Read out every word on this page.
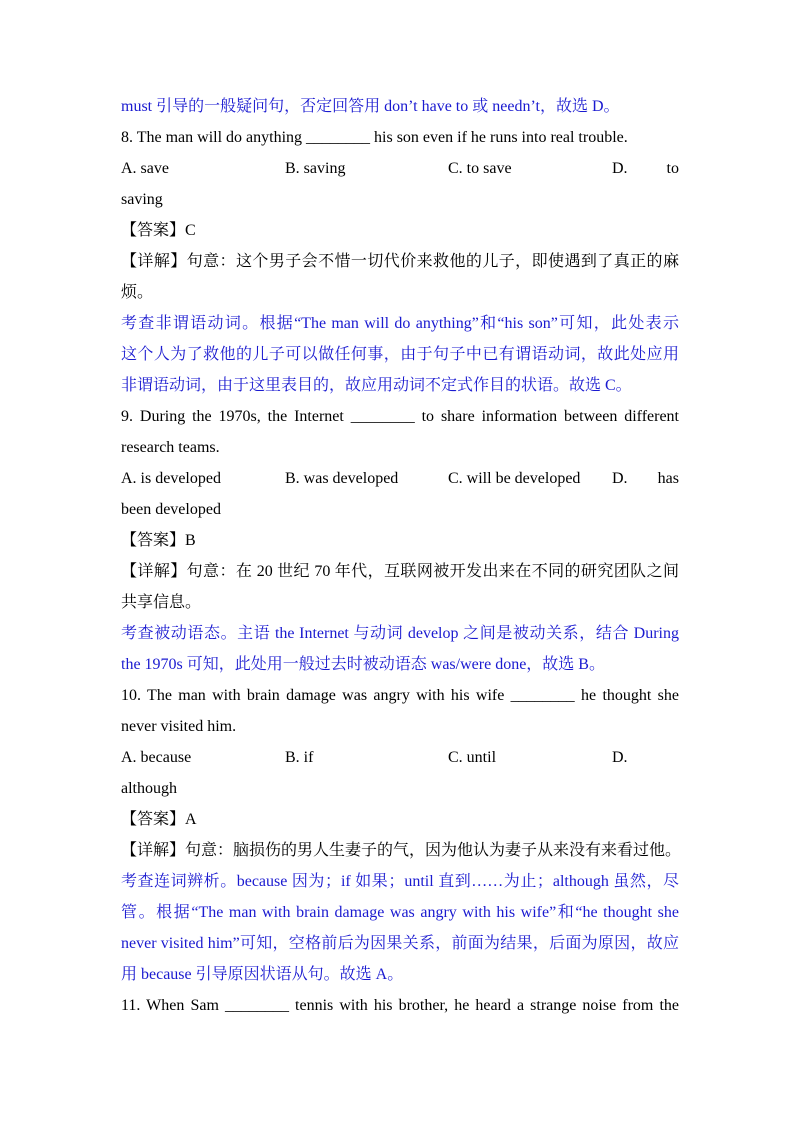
must 引导的一般疑问句，否定回答用 don’t have to 或 needn’t，故选 D。
8. The man will do anything ________ his son even if he runs into real trouble.
A. save	B. saving	C. to save	D. to
saving
【答案】C
【详解】句意：这个男子会不惜一切代价来救他的儿子，即使遇到了真正的麻
烦。
考查非谓语动词。根据“The man will do anything”和“his son”可知，此处表示
这个人为了救他的儿子可以做任何事，由于句子中已有谓语动词，故此处应用
非谓语动词，由于这里表目的，故应用动词不定式作目的状语。故选 C。
9. During the 1970s, the Internet ________ to share information between different
research teams.
A. is developed	B. was developed	C. will be developed D. has
been developed
【答案】B
【详解】句意：在 20 世纪 70 年代，互联网被开发出来在不同的研究团队之间
共享信息。
考查被动语态。主语 the Internet 与动词 develop 之间是被动关系，结合 During
the 1970s 可知，此处用一般过去时被动语态 was/were done，故选 B。
10. The man with brain damage was angry with his wife ________ he thought she
never visited him.
A. because	B. if	C. until	D.
although
【答案】A
【详解】句意：脑损伤的男人生妻子的气，因为他认为妻子从来没有来看过他。
考查连词辨析。because 因为；if 如果；until 直到……为止；although 虽然，尽
管。根据“The man with brain damage was angry with his wife”和“he thought she
never visited him”可知，空格前后为因果关系，前面为结果，后面为原因，故应
用 because 引导原因状语从句。故选 A。
11. When Sam ________ tennis with his brother, he heard a strange noise from the
